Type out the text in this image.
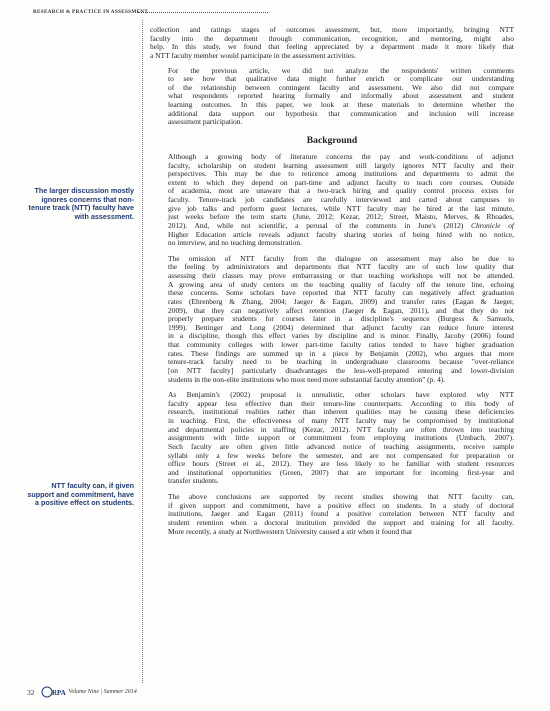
RESEARCH & PRACTICE IN ASSESSMENT
The larger discussion mostly ignores concerns that non-tenure track (NTT) faculty have with assessment.
NTT faculty can, if given support and commitment, have a positive effect on students.

collection and ratings stages of outcomes assessment, but, more importantly, bringing NTT
faculty into the department through communication, recognition, and mentoring, might also
help. In this study, we found that feeling appreciated by a department made it more likely that
a NTT faculty member would participate in the assessment activities.

For the previous article, we did not analyze the respondents' written comments
to see how that qualitative data might further enrich or complicate our understanding
of the relationship between contingent faculty and assessment. We also did not compare
what respondents reported hearing formally and informally about assessment and student
learning outcomes. In this paper, we look at these materials to determine whether the
additional data support our hypothesis that communication and inclusion will increase
assessment participation.

Background

Although a growing body of literature concerns the pay and work-conditions of adjunct
faculty, scholarship on student learning assessment still largely ignores NTT faculty and their
perspectives. This may be due to reticence among institutions and departments to admit the
extent to which they depend on part-time and adjunct faculty to teach core courses. Outside
of academia, most are unaware that a two-track hiring and quality control process exists for
faculty. Tenure-track job candidates are carefully interviewed and carted about campuses to
give job talks and perform guest lectures, while NTT faculty may be hired at the last minute,
just weeks before the term starts (June, 2012; Kezar, 2012; Street, Maisto, Merves, & Rhoades,
2012). And, while not scientific, a perusal of the comments in June's (2012) Chronicle of
Higher Education article reveals adjunct faculty sharing stories of being hired with no notice,
no interview, and no teaching demonstration.

The omission of NTT faculty from the dialogue on assessment may also be due to
the feeling by administrators and departments that NTT faculty are of such low quality that
assessing their classes may prove embarrassing or that teaching workshops will not be attended.
A growing area of study centers on the teaching quality of faculty off the tenure line, echoing
these concerns. Some scholars have reported that NTT faculty can negatively affect graduation
rates (Ehrenberg & Zhang, 2004; Jaeger & Eagan, 2009) and transfer rates (Eagan & Jaeger,
2009), that they can negatively affect retention (Jaeger & Eagan, 2011), and that they do not
properly prepare students for courses later in a discipline's sequence (Burgess & Samuels,
1999). Bettinger and Long (2004) determined that adjunct faculty can reduce future interest
in a discipline, though this effect varies by discipline and is minor. Finally, Jacoby (2006) found
that community colleges with lower part-time faculty ratios tended to have higher graduation
rates. These findings are summed up in a piece by Benjamin (2002), who argues that more
tenure-track faculty need to be teaching in undergraduate classrooms because "over-reliance
[on NTT faculty] particularly disadvantages the less-well-prepared entering and lower-division
students in the non-elite institutions who most need more substantial faculty attention" (p. 4).

As Benjamin's (2002) proposal is unrealistic, other scholars have explored why NTT
faculty appear less effective than their tenure-line counterparts. According to this body of
research, institutional realities rather than inherent qualities may be causing these deficiencies
in teaching. First, the effectiveness of many NTT faculty may be compromised by institutional
and departmental policies in staffing (Kezar, 2012). NTT faculty are often thrown into teaching
assignments with little support or commitment from employing institutions (Umbach, 2007).
Such faculty are often given little advanced notice of teaching assignments, receive sample
syllabi only a few weeks before the semester, and are not compensated for preparation or
office hours (Street et al., 2012). They are less likely to be familiar with student resources
and institutional opportunities (Green, 2007) that are important for incoming first-year and
transfer students.

The above conclusions are supported by recent studies showing that NTT faculty can,
if given support and commitment, have a positive effect on students. In a study of doctoral
institutions, Jaeger and Eagan (2011) found a positive correlation between NTT faculty and
student retention when a doctoral institution provided the support and training for all faculty.
More recently, a study at Northwestern University caused a stir when it found that

32 RPA Volume Nine | Summer 2014
